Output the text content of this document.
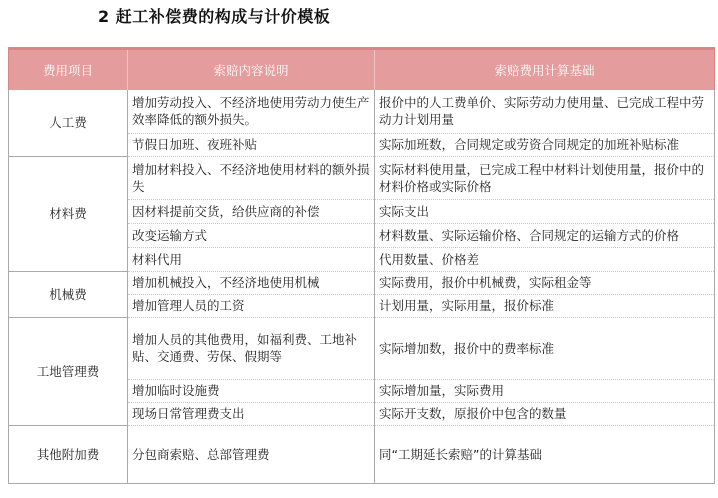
2 赶工补偿费的构成与计价模板
费用项目	索赔内容说明	索赔费用计算基础
人工费	增加劳动投入、不经济地使用劳动力使生产效率降低的额外损失。	报价中的人工费单价、实际劳动力使用量、已完成工程中劳动力计划用量
	节假日加班、夜班补贴	实际加班数，合同规定或劳资合同规定的加班补贴标准
材料费	增加材料投入、不经济地使用材料的额外损失	实际材料使用量，已完成工程中材料计划使用量，报价中的材料价格或实际价格
	因材料提前交货，给供应商的补偿	实际支出
	改变运输方式	材料数量、实际运输价格、合同规定的运输方式的价格
	材料代用	代用数量、价格差
机械费	增加机械投入，不经济地使用机械	实际费用，报价中机械费，实际租金等
	增加管理人员的工资	计划用量，实际用量，报价标准
工地管理费	增加人员的其他费用，如福利费、工地补贴、交通费、劳保、假期等	实际增加数，报价中的费率标准
	增加临时设施费	实际增加量，实际费用
	现场日常管理费支出	实际开支数，原报价中包含的数量
其他附加费	分包商索赔、总部管理费	同“工期延长索赔”的计算基础
